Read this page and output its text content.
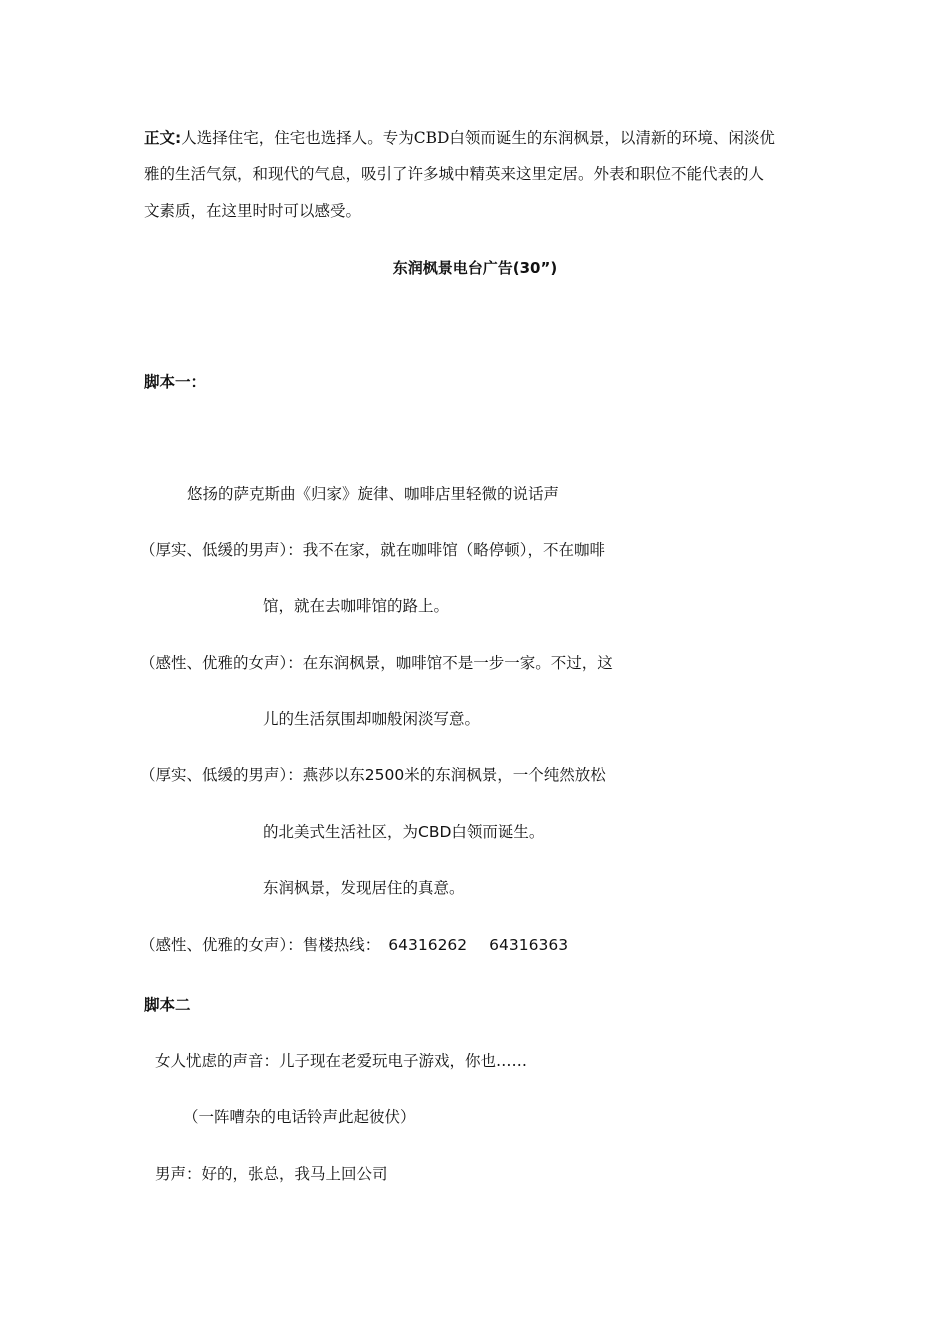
正文:人选择住宅，住宅也选择人。专为CBD白领而诞生的东润枫景，以清新的环境、闲淡优
雅的生活气氛，和现代的气息，吸引了许多城中精英来这里定居。外表和职位不能代表的人
文素质，在这里时时可以感受。
东润枫景电台广告(30”)
脚本一：
悠扬的萨克斯曲《归家》旋律、咖啡店里轻微的说话声
（厚实、低缓的男声）：我不在家，就在咖啡馆（略停顿），不在咖啡
馆，就在去咖啡馆的路上。
（感性、优雅的女声）：在东润枫景，咖啡馆不是一步一家。不过，这
儿的生活氛围却咖般闲淡写意。
（厚实、低缓的男声）：燕莎以东2500米的东润枫景，一个纯然放松
的北美式生活社区，为CBD白领而诞生。
东润枫景，发现居住的真意。
（感性、优雅的女声）：售楼热线： 64316262 64316363
脚本二
女人忧虑的声音：儿子现在老爱玩电子游戏，你也……
（一阵嘈杂的电话铃声此起彼伏）
男声：好的，张总，我马上回公司
